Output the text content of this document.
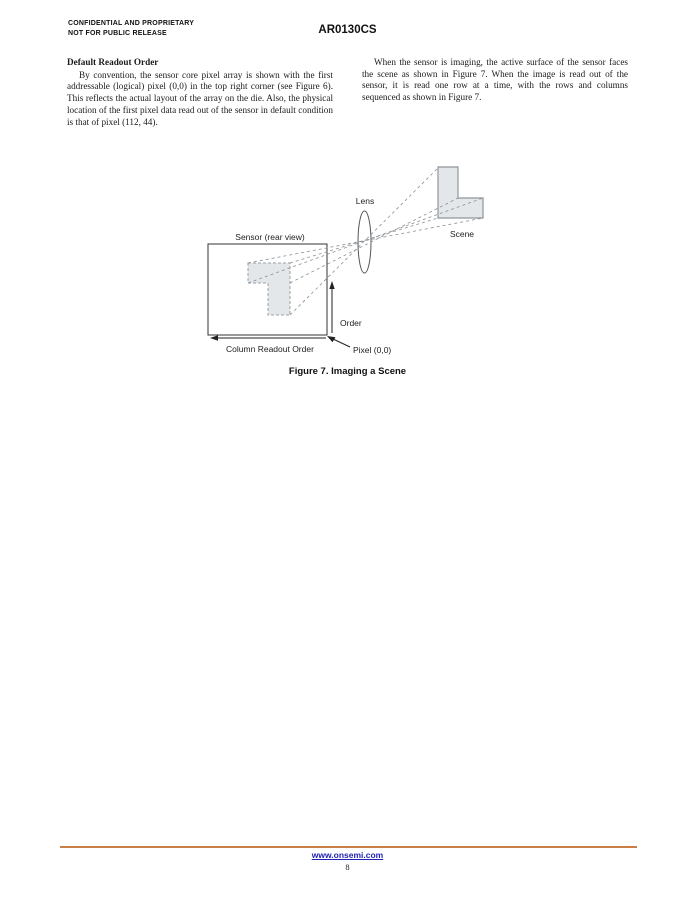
CONFIDENTIAL AND PROPRIETARY
NOT FOR PUBLIC RELEASE	AR0130CS
Default Readout Order

By convention, the sensor core pixel array is shown with the first addressable (logical) pixel (0,0) in the top right corner (see Figure 6). This reflects the actual layout of the array on the die. Also, the physical location of the first pixel data read out of the sensor in default condition is that of pixel (112, 44).

When the sensor is imaging, the active surface of the sensor faces the scene as shown in Figure 7. When the image is read out of the sensor, it is read one row at a time, with the rows and columns sequenced as shown in Figure 7.

Sensor (rear view)
Lens
Scene
Order
Column Readout Order	Pixel (0,0)
Figure 7. Imaging a Scene
www.onsemi.com
8
